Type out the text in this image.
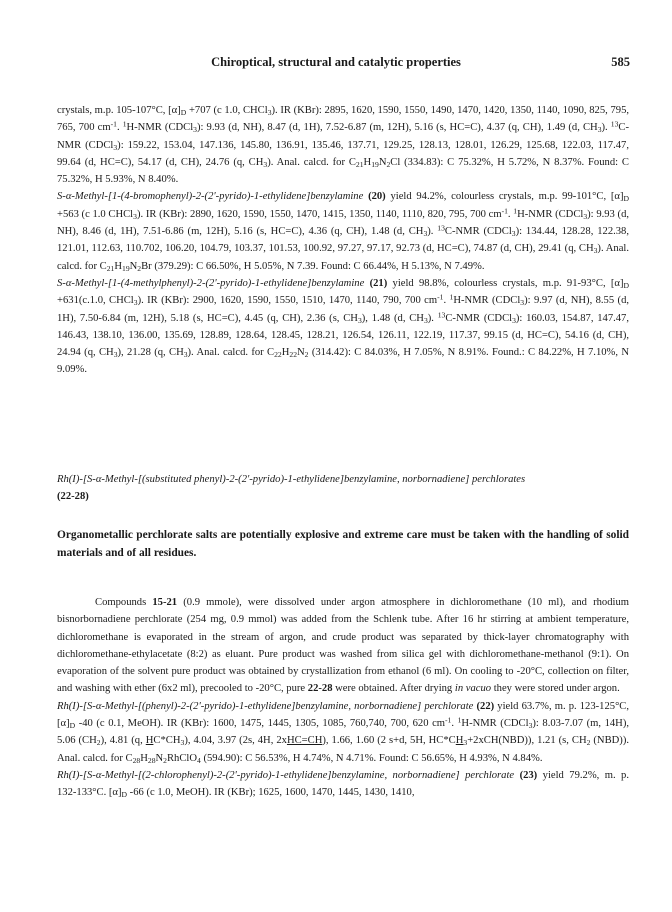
Chiroptical, structural and catalytic properties	585

crystals, m.p. 105-107°C, $[\alpha]_D +707$ (c 1.0, CHCl$_3$). IR (KBr): 2895, 1620, 1590, 1550, 1490, 1470, 1420, 1350, 1140, 1090, 825, 795, 765, 700 $cm^{-1}$. $^1$H-NMR (CDCl$_3$): 9.93 (d, NH), 8.47 (d, 1H), 7.52-6.87 (m, 12H), 5.16 (s, HC=C), 4.37 (q, CH), 1.49 (d, $CH_3$). $^{13}$C-NMR (CDCl$_3$): 159.22, 153.04, 147.136, 145.80, 136.91, 135.46, 137.71, 129.25, 128.13, 128.01, 126.29, 125.68, 122.03, 117.47, 99.64 (d, HC=C), 54.17 (d, CH), 24.76 (q, $CH_3$). Anal. calcd. for $C_{21}H_{19}N_2Cl$ (334.83): C 75.32%, H 5.72%, N 8.37%. Found: C 75.32%, H 5.93%, N 8.40%.

S-α-Methyl-[1-(4-bromophenyl)-2-(2'-pyrido)-1-ethylidene]benzylamine (20) yield 94.2%, colourless crystals, m.p. 99-101°C, $[\alpha]_D +563$ (c 1.0 CHCl$_3$). IR (KBr): 2890, 1620, 1590, 1550, 1470, 1415, 1350, 1140, 1110, 820, 795, 700 $cm^{-1}$. $^1$H-NMR (CDCl$_3$): 9.93 (d, NH), 8.46 (d, 1H), 7.51-6.86 (m, 12H), 5.16 (s, HC=C), 4.36 (q, CH), 1.48 (d, $CH_3$). $^{13}$C-NMR (CDCl$_3$): 134.44, 128.28, 122.38, 121.01, 112.63, 110.702, 106.20, 104.79, 103.37, 101.53, 100.92, 97.27, 97.17, 92.73 (d, HC=C), 74.87 (d, CH), 29.41 (q, $CH_3$). Anal. calcd. for $C_{21}H_{19}N_2Br$ (379.29): C 66.50%, H 5.05%, N 7.39. Found: C 66.44%, H 5.13%, N 7.49%.

S-α-Methyl-[1-(4-methylphenyl)-2-(2'-pyrido)-1-ethylidene]benzylamine (21) yield 98.8%, colourless crystals, m.p. 91-93°C, $[\alpha]_D +631(c.1.0$, CHCl$_3$). IR (KBr): 2900, 1620, 1590, 1550, 1510, 1470, 1140, 790, 700 $cm^{-1}$. $^1$H-NMR (CDCl$_3$): 9.97 (d, NH), 8.55 (d, 1H), 7.50-6.84 (m, 12H), 5.18 (s, HC=C), 4.45 (q, CH), 2.36 (s, $CH_3$), 1.48 (d, $CH_3$). $^{13}$C-NMR (CDCl$_3$): 160.03, 154.87, 147.47, 146.43, 138.10, 136.00, 135.69, 128.89, 128.64, 128.45, 128.21, 126.54, 126.11, 122.19, 117.37, 99.15 (d, HC=C), 54.16 (d, CH), 24.94 (q, $CH_3$), 21.28 (q, $CH_3$). Anal. calcd. for $C_{22}H_{22}N_2$ (314.42): C 84.03%, H 7.05%, N 8.91%. Found.: C 84.22%, H 7.10%, N 9.09%.

Rh(I)-[S-α-Methyl-[(substituted phenyl)-2-(2'-pyrido)-1-ethylidene]benzylamine, norbornadiene] perchlorates

(22-28)

Organometallic perchlorate salts are potentially explosive and extreme care must be taken with the handling of solid materials and of all residues.

Compounds 15-21 (0.9 mmole), were dissolved under argon atmosphere in dichloromethane (10 ml), and rhodium bisnorbornadiene perchlorate (254 mg, 0.9 mmol) was added from the Schlenk tube. After 16 hr stirring at ambient temperature, dichloromethane is evaporated in the stream of argon, and crude product was separated by thick-layer chromatography with dichloromethane-ethylacetate (8:2) as eluant. Pure product was washed from silica gel with dichloromethane-methanol (9:1). On evaporation of the solvent pure product was obtained by crystallization from ethanol (6 ml). On cooling to -20°C, collection on filter, and washing with ether (6x2 ml), precooled to -20°C, pure 22-28 were obtained. After drying in vacuo they were stored under argon.

Rh(I)-[S-α-Methyl-[(phenyl)-2-(2'-pyrido)-1-ethylidene]benzylamine, norbornadiene] perchlorate (22) yield 63.7%, m. p. 123-125°C, $[\alpha]_D$ -40 (c 0.1, MeOH). IR (KBr): 1600, 1475, 1445, 1305, 1085, 760,740, 700, 620 $cm^{-1}$. $^1$H-NMR (CDCl$_3$): 8.03-7.07 (m, 14H), 5.06 $(CH_2)$, 4.81 (q, $HC*CH_3$), 4.04, 3.97 (2s, 4H, 2xHC=CH), 1.66, 1.60 (2 s+d, 5H, $HC*CH_3+2xCH(NBD)$), 1.21 (s, $CH_2$ (NBD)). Anal. calcd. for $C_{28}H_{28}N_2RhClO_4$ (594.90): C 56.53%, H 4.74%, N 4.71%. Found: C 56.65%, H 4.93%, N 4.84%.

Rh(I)-[S-α-Methyl-[(2-chlorophenyl)-2-(2'-pyrido)-1-ethylidene]benzylamine, norbornadiene] perchlorate (23) yield 79.2%, m. p. 132-133°C. $[\alpha]_D$ -66 (c 1.0, MeOH). IR (KBr); 1625, 1600, 1470, 1445, 1430, 1410,
